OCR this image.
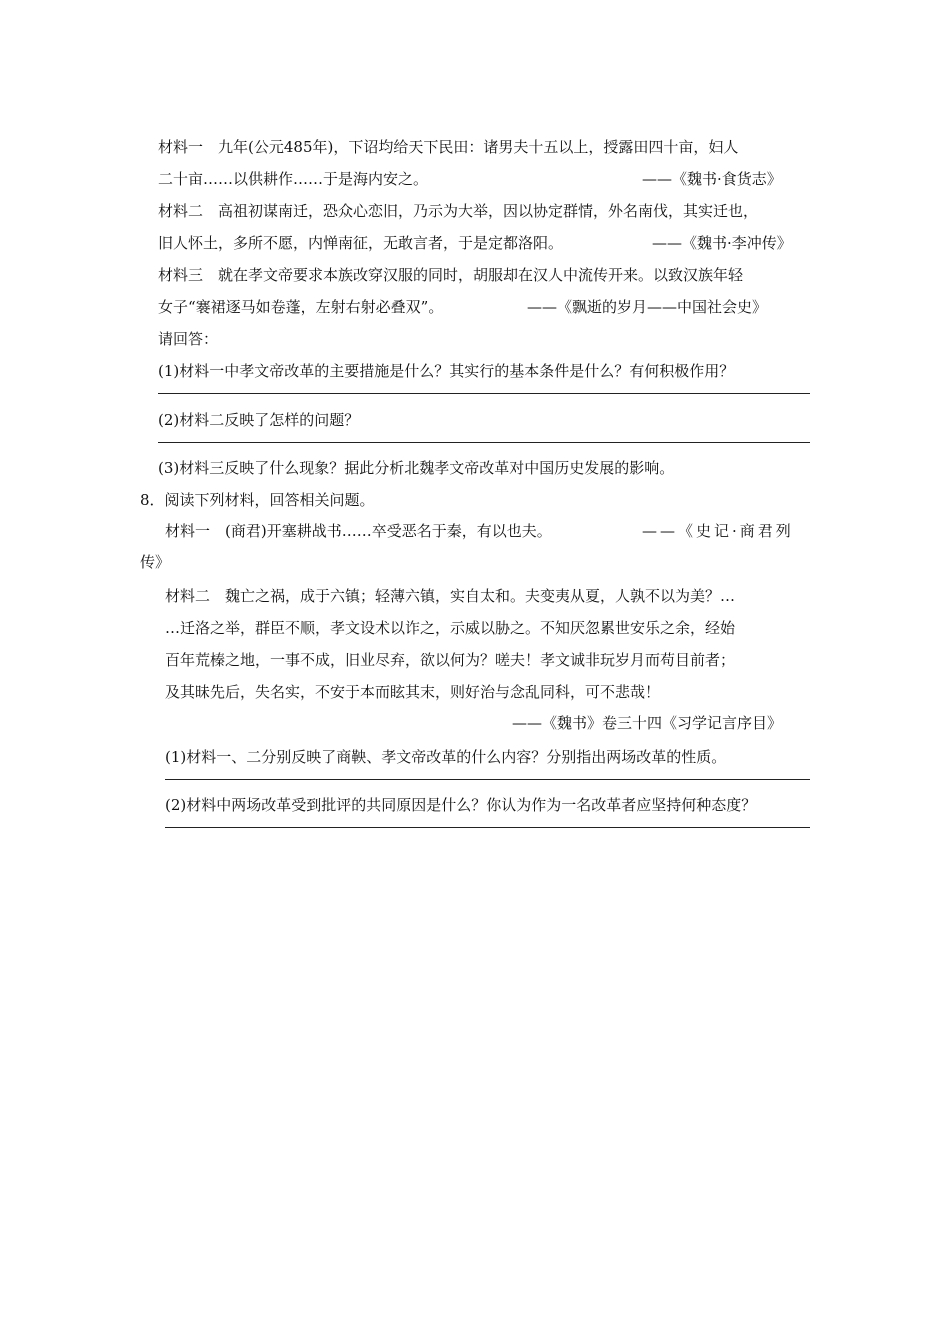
材料一　九年(公元485年)，下诏均给天下民田：诸男夫十五以上，授露田四十亩，妇人
二十亩……以供耕作……于是海内安之。	——《魏书·食货志》
材料二　高祖初谋南迁，恐众心恋旧，乃示为大举，因以协定群情，外名南伐，其实迁也，
旧人怀土，多所不愿，内惮南征，无敢言者，于是定都洛阳。	——《魏书·李冲传》
材料三　就在孝文帝要求本族改穿汉服的同时，胡服却在汉人中流传开来。以致汉族年轻
女子“褰裙逐马如卷蓬，左射右射必叠双”。	——《飘逝的岁月——中国社会史》
请回答：
(1)材料一中孝文帝改革的主要措施是什么？其实行的基本条件是什么？有何积极作用？
(2)材料二反映了怎样的问题？
(3)材料三反映了什么现象？据此分析北魏孝文帝改革对中国历史发展的影响。
8．阅读下列材料，回答相关问题。
材料一　(商君)开塞耕战书……卒受恶名于秦，有以也夫。	——《史记·商君列
传》
材料二　魏亡之祸，成于六镇；轻薄六镇，实自太和。夫变夷从夏，人孰不以为美？…
…迁洛之举，群臣不顺，孝文设术以诈之，示威以胁之。不知厌忽累世安乐之余，经始
百年荒榛之地，一事不成，旧业尽弃，欲以何为？嗟夫！孝文诚非玩岁月而苟目前者；
及其昧先后，失名实，不安于本而眩其末，则好治与念乱同科，可不悲哉！
——《魏书》卷三十四《习学记言序目》
(1)材料一、二分别反映了商鞅、孝文帝改革的什么内容？分别指出两场改革的性质。
(2)材料中两场改革受到批评的共同原因是什么？你认为作为一名改革者应坚持何种态度？
